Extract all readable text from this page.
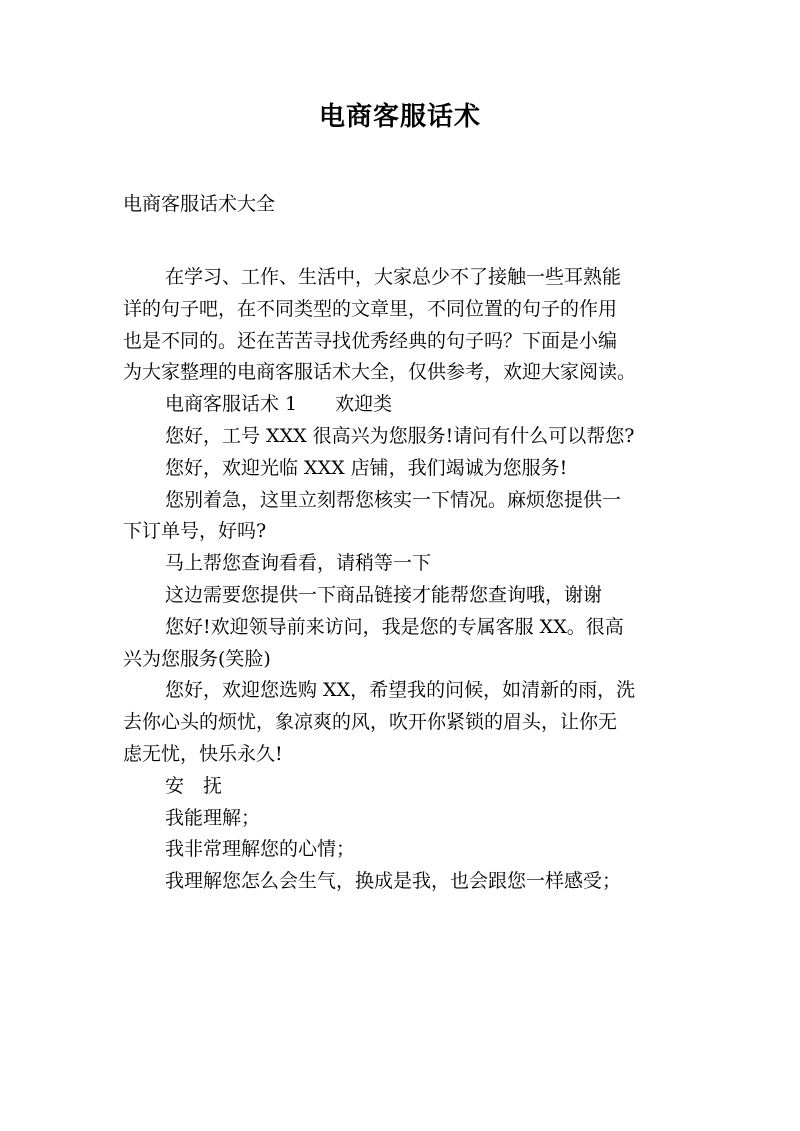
电商客服话术
电商客服话术大全
在学习、工作、生活中，大家总少不了接触一些耳熟能
详的句子吧，在不同类型的文章里，不同位置的句子的作用
也是不同的。还在苦苦寻找优秀经典的句子吗？下面是小编
为大家整理的电商客服话术大全，仅供参考，欢迎大家阅读。
电商客服话术 1　　欢迎类
您好，工号 XXX 很高兴为您服务!请问有什么可以帮您?
您好，欢迎光临 XXX 店铺，我们竭诚为您服务!
您别着急，这里立刻帮您核实一下情况。麻烦您提供一
下订单号，好吗?
马上帮您查询看看，请稍等一下
这边需要您提供一下商品链接才能帮您查询哦，谢谢
您好!欢迎领导前来访问，我是您的专属客服 XX。很高
兴为您服务(笑脸)
您好，欢迎您选购 XX，希望我的问候，如清新的雨，洗
去你心头的烦忧，象凉爽的风，吹开你紧锁的眉头，让你无
虑无忧，快乐永久!
安　抚
我能理解；
我非常理解您的心情；
我理解您怎么会生气，换成是我，也会跟您一样感受；
